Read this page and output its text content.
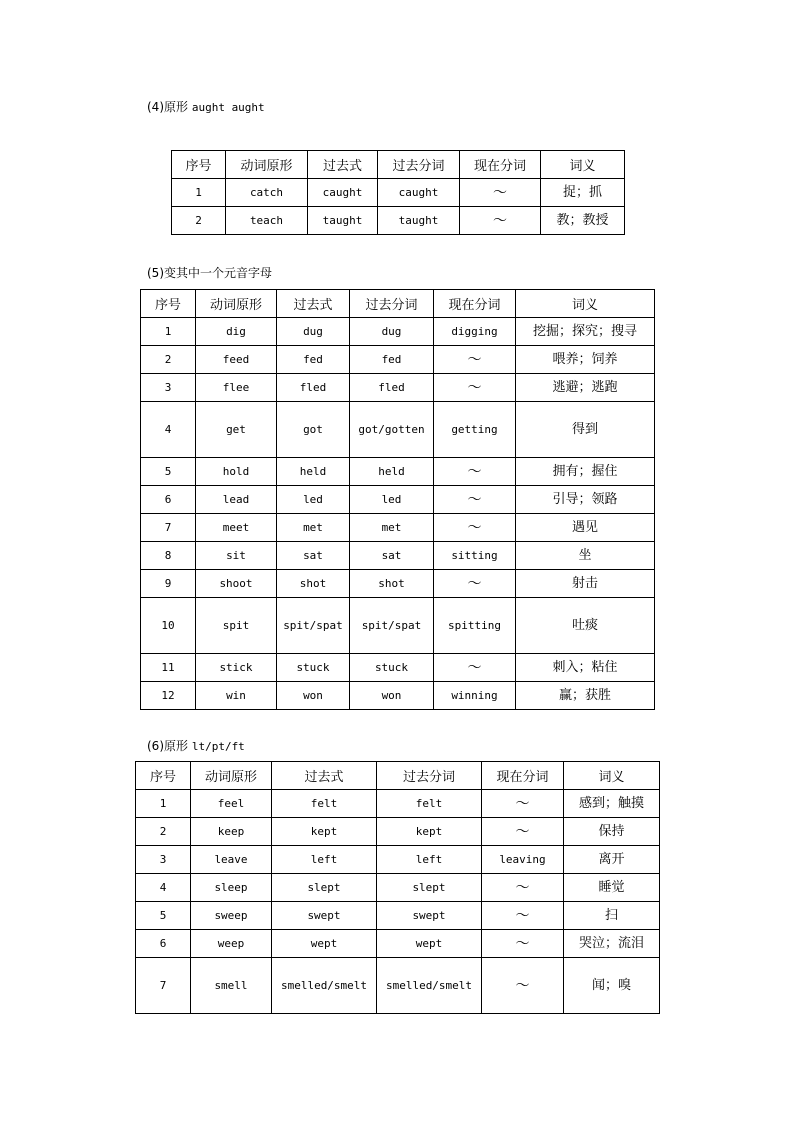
(4)原形 aught aught
序号	动词原形	过去式	过去分词	现在分词	词义
1	catch	caught	caught	～	捉；抓
2	teach	taught	taught	～	教；教授
(5)变其中一个元音字母
序号	动词原形	过去式	过去分词	现在分词	词义
1	dig	dug	dug	digging	挖掘；探究；搜寻
2	feed	fed	fed	～	喂养；饲养
3	flee	fled	fled	～	逃避；逃跑
4	get	got	got/gotten	getting	得到
5	hold	held	held	～	拥有；握住
6	lead	led	led	～	引导；领路
7	meet	met	met	～	遇见
8	sit	sat	sat	sitting	坐
9	shoot	shot	shot	～	射击
10	spit	spit/spat	spit/spat	spitting	吐痰
11	stick	stuck	stuck	～	刺入；粘住
12	win	won	won	winning	赢；获胜
(6)原形 lt/pt/ft
序号	动词原形	过去式	过去分词	现在分词	词义
1	feel	felt	felt	～	感到；触摸
2	keep	kept	kept	～	保持
3	leave	left	left	leaving	离开
4	sleep	slept	slept	～	睡觉
5	sweep	swept	swept	～	扫
6	weep	wept	wept	～	哭泣；流泪
7	smell	smelled/smelt	smelled/smelt	～	闻；嗅
